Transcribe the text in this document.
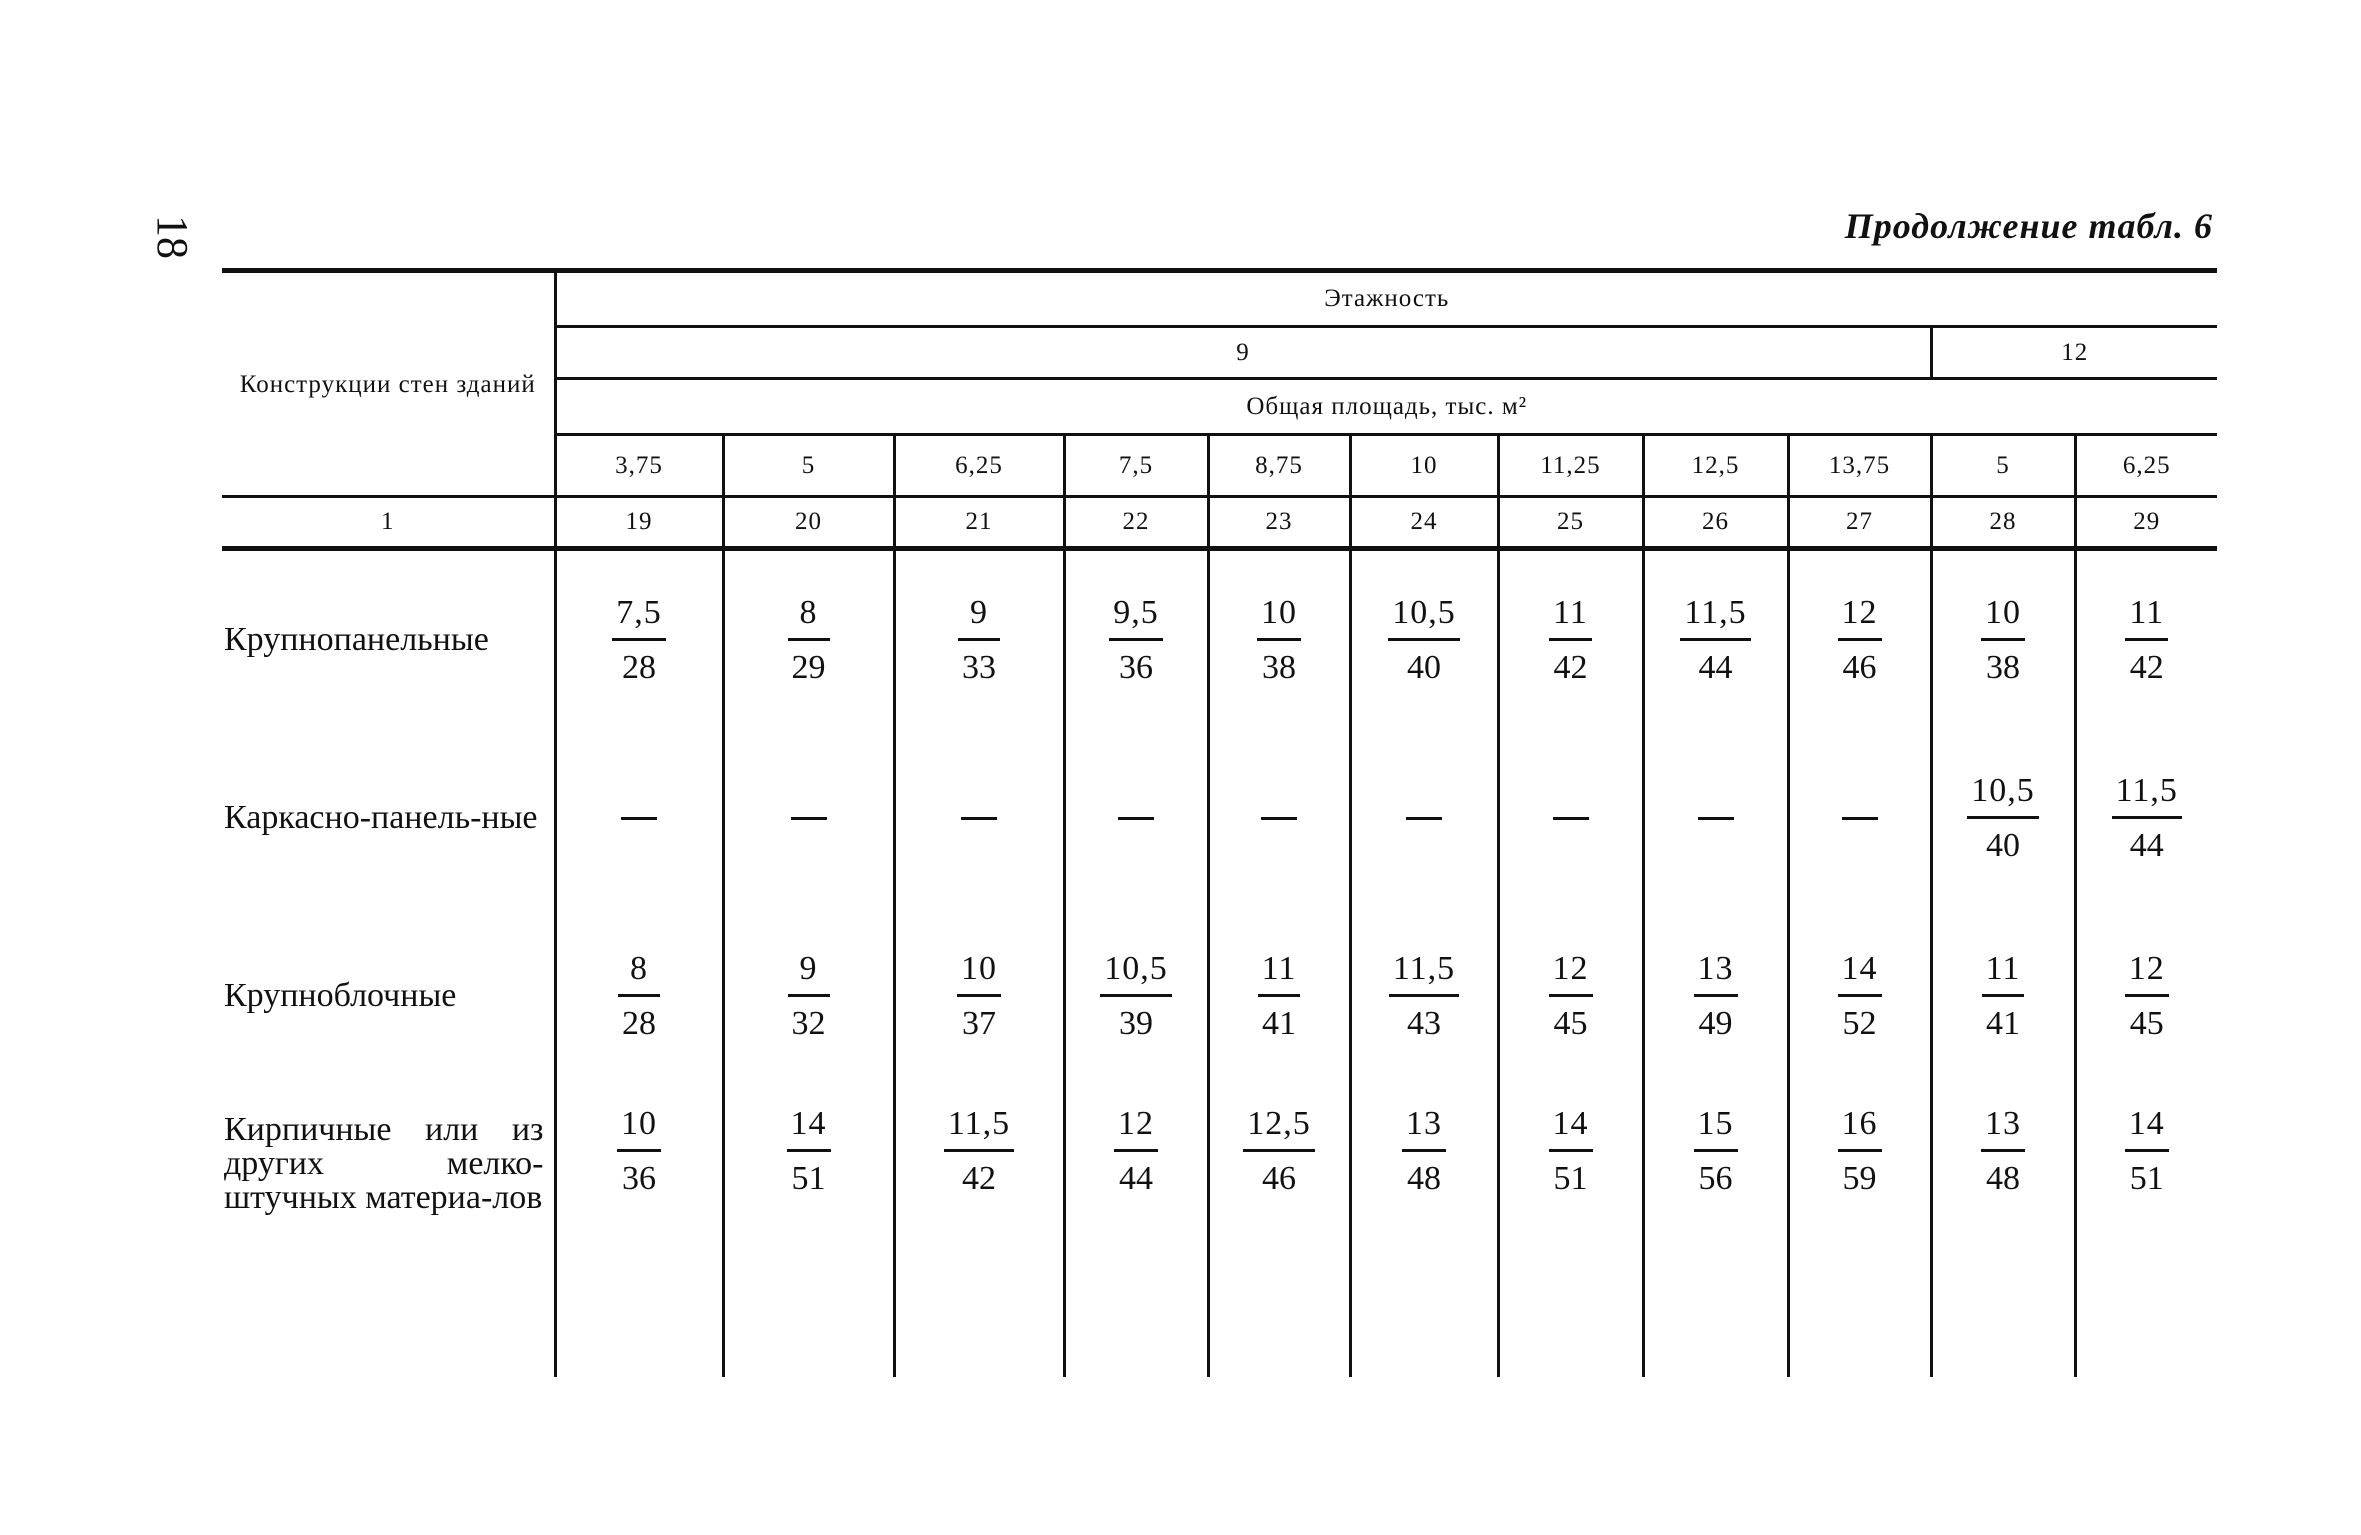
18	Продолжение табл. 6
Конструкции стен зданий	Этажность										
	9									12	
	Общая площадь, тыс. м²										
	3,75	5	6,25	7,5	8,75	10	11,25	12,5	13,75	5	6,25
1	19	20	21	22	23	24	25	26	27	28	29
Крупнопанельные	$\frac{7,5}{28}$	$\frac{8}{29}$	$\frac{9}{33}$	$\frac{9,5}{36}$	$\frac{10}{38}$	$\frac{10,5}{40}$	$\frac{11}{42}$	$\frac{11,5}{44}$	$\frac{12}{46}$	$\frac{10}{38}$	$\frac{11}{42}$

Каркасно-панель-ные										$\frac{10,5}{40}$	$\frac{11,5}{44}$

Крупноблочные	$\frac{8}{28}$	$\frac{9}{32}$	$\frac{10}{37}$	$\frac{10,5}{39}$	$\frac{11}{41}$	$\frac{11,5}{43}$	$\frac{12}{45}$	$\frac{13}{49}$	$\frac{14}{52}$	$\frac{11}{41}$	$\frac{12}{45}$

Кирпичные или из других мелко-штучных материа-лов	$\frac{10}{36}$	$\frac{14}{51}$	$\frac{11,5}{42}$	$\frac{12}{44}$	$\frac{12,5}{46}$	$\frac{13}{48}$	$\frac{14}{51}$	$\frac{15}{56}$	$\frac{16}{59}$	$\frac{13}{48}$	$\frac{14}{51}$
